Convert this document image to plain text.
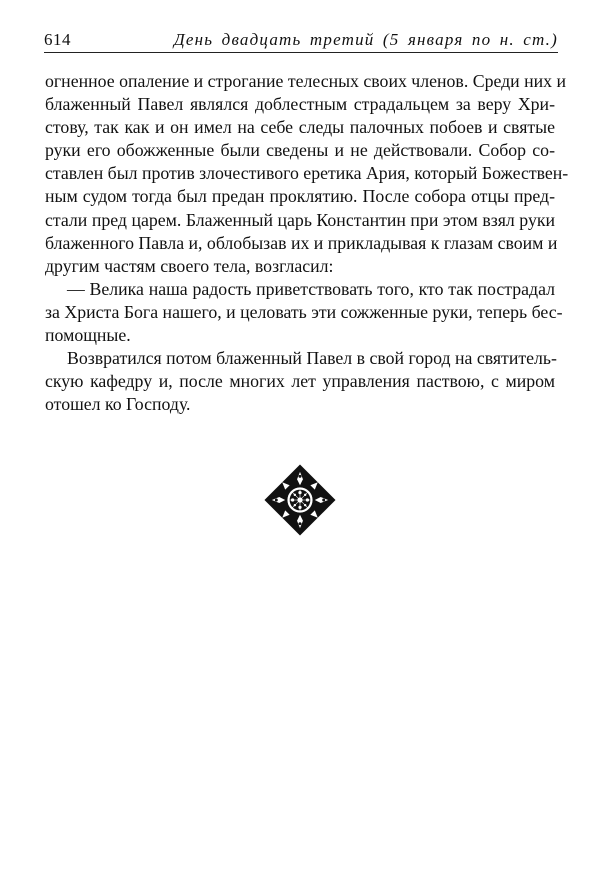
614	День двадцать третий (5 января по н. ст.)
огненное опаление и строгание телесных своих членов. Среди них и
блаженный Павел являлся доблестным страдальцем за веру Хри-
стову, так как и он имел на себе следы палочных побоев и святые
руки его обожженные были сведены и не действовали. Собор со-
ставлен был против злочестивого еретика Ария, который Божествен-
ным судом тогда был предан проклятию. После собора отцы пред-
стали пред царем. Блаженный царь Константин при этом взял руки
блаженного Павла и, облобызав их и прикладывая к глазам своим и
другим частям своего тела, возгласил:
— Велика наша радость приветствовать того, кто так пострадал
за Христа Бога нашего, и целовать эти сожженные руки, теперь бес-
помощные.
Возвратился потом блаженный Павел в свой город на святитель-
скую кафедру и, после многих лет управления паствою, с миром
отошел ко Господу.
